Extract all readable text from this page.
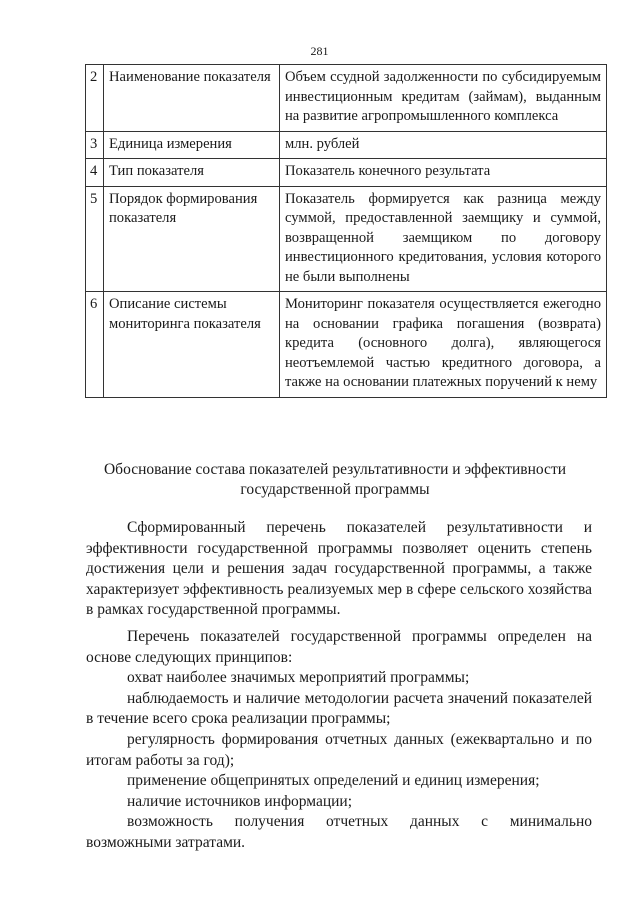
281
2	Наименование показателя	Объем ссудной задолженности по субсидируемым инвестиционным кредитам (займам), выданным на развитие агропромышленного комплекса
3	Единица измерения	млн. рублей
4	Тип показателя	Показатель конечного результата
5	Порядок формирования показателя	Показатель формируется как разница между суммой, предоставленной заемщику и суммой, возвращенной заемщиком по договору инвестиционного кредитования, условия которого не были выполнены
6	Описание системы мониторинга показателя	Мониторинг показателя осуществляется ежегодно на основании графика погашения (возврата) кредита (основного долга), являющегося неотъемлемой частью кредитного договора, а также на основании платежных поручений к нему
Обоснование состава показателей результативности и эффективности государственной программы

Сформированный перечень показателей результативности и эффективности государственной программы позволяет оценить степень достижения цели и решения задач государственной программы, а также характеризует эффективность реализуемых мер в сфере сельского хозяйства в рамках государственной программы.

Перечень показателей государственной программы определен на основе следующих принципов:

охват наиболее значимых мероприятий программы;

наблюдаемость и наличие методологии расчета значений показателей в течение всего срока реализации программы;

регулярность формирования отчетных данных (ежеквартально и по итогам работы за год);

применение общепринятых определений и единиц измерения;

наличие источников информации;

возможность получения отчетных данных с минимально возможными затратами.
